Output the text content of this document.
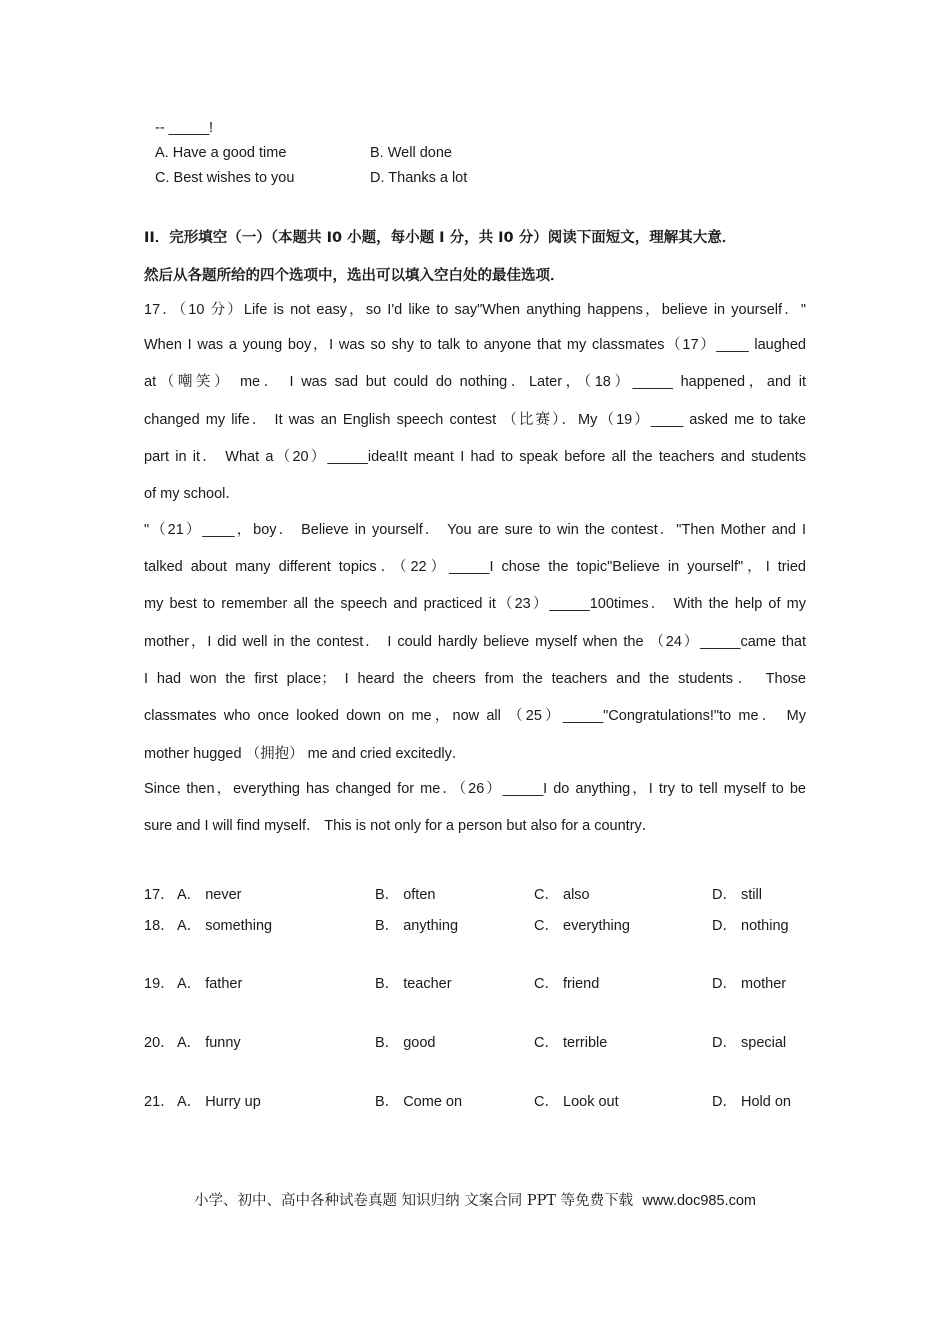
-- _____!
A. Have a good time	B. Well done
C. Best wishes to you	D. Thanks a lot
II．完形填空（一）（本题共 I0 小题，每小题 I 分，共 I0 分）阅读下面短文，理解其大意．
然后从各题所给的四个选项中，选出可以填入空白处的最佳选项．
17．（10 分）Life is not easy，so I'd like to say"When anything happens，believe in yourself．"
When I was a young boy，I was so shy to talk to anyone that my classmates（17）____ laughed
at（嘲笑） me． I was sad but could do nothing．Later，（18）_____ happened，and it
changed my life． It was an English speech contest （比赛）．My（19）____ asked me to take
part in it． What a（20）_____idea!It meant I had to speak before all the teachers and students
of my school．
"（21）____，boy． Believe in yourself． You are sure to win the contest．"Then Mother and I
talked about many different topics．（22）_____I chose the topic"Believe in yourself"，I tried
my best to remember all the speech and practiced it（23）_____100times． With the help of my
mother，I did well in the contest． I could hardly believe myself when the （24）_____came that
I had won the first place； I heard the cheers from the teachers and the students． Those
classmates who once looked down on me，now all （25）_____"Congratulations!"to me． My
mother hugged （拥抱） me and cried excitedly．
Since then，everything has changed for me．（26）_____I do anything，I try to tell myself to be
sure and I will find myself． This is not only for a person but also for a country．
17． A． never	B． often	C． also	D． still
18． A． something	B． anything	C． everything	D． nothing
19． A． father	B． teacher	C． friend	D． mother
20． A． funny	B． good	C． terrible	D． special
21． A． Hurry up	B． Come on	C． Look out	D． Hold on
小学、初中、高中各种试卷真题 知识归纳 文案合同 PPT 等免费下载 www.doc985.com
